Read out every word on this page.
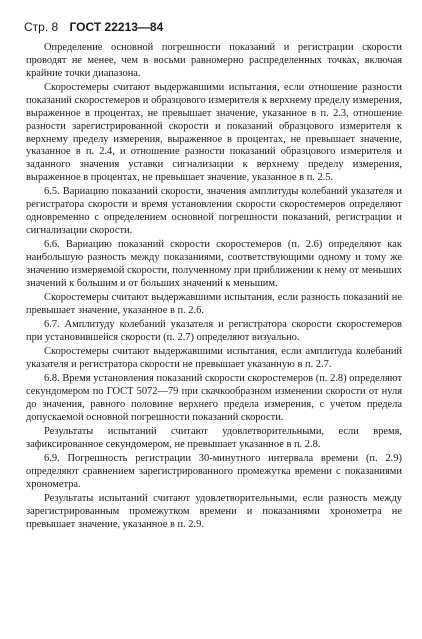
Стр. 8 ГОСТ 22213—84

Определение основной погрешности показаний и регистрации скорости проводят не менее, чем в восьми равномерно распределенных точках, включая крайние точки диапазона.

Скоростемеры считают выдержавшими испытания, если отношение разности показаний скоростемеров и образцового измерителя к верхнему пределу измерения, выраженное в процентах, не превышает значение, указанное в п. 2.3, отношение разности зарегистрированной скорости и показаний образцового измерителя к верхнему пределу измерения, выраженное в процентах, не превышает значение, указанное в п. 2.4, и отношение разности показаний образцового измерителя и заданного значения уставки сигнализации к верхнему пределу измерения, выраженное в процентах, не превышает значение, указанное в п. 2.5.

6.5. Вариацию показаний скорости, значения амплитуды колебаний указателя и регистратора скорости и время установления скорости скоростемеров определяют одновременно с определением основной погрешности показаний, регистрации и сигнализации скорости.

6.6. Вариацию показаний скорости скоростемеров (п. 2.6) определяют как наибольшую разность между показаниями, соответствующими одному и тому же значению измеряемой скорости, полученному при приближении к нему от меньших значений к большим и от больших значений к меньшим.

Скоростемеры считают выдержавшими испытания, если разность показаний не превышает значение, указанное в п. 2.6.

6.7. Амплитуду колебаний указателя и регистратора скорости скоростемеров при установившейся скорости (п. 2.7) определяют визуально.

Скоростемеры считают выдержавшими испытания, если амплитуда колебаний указателя и регистратора скорости не превышает указанную в п. 2.7.

6.8. Время установления показаний скорости скоростемеров (п. 2.8) определяют секундомером по ГОСТ 5072—79 при скачкообразном изменении скорости от нуля до значения, равного половине верхнего предела измерения, с учетом предела допускаемой основной погрешности показаний скорости.

Результаты испытаний считают удовлетворительными, если время, зафиксированное секундомером, не превышает указанное в п. 2.8.

6.9. Погрешность регистрации 30-минутного интервала времени (п. 2.9) определяют сравнением зарегистрированного промежутка времени с показаниями хронометра.

Результаты испытаний считают удовлетворительными, если разность между зарегистрированным промежутком времени и показаниями хронометра не превышает значение, указанное в п. 2.9.
